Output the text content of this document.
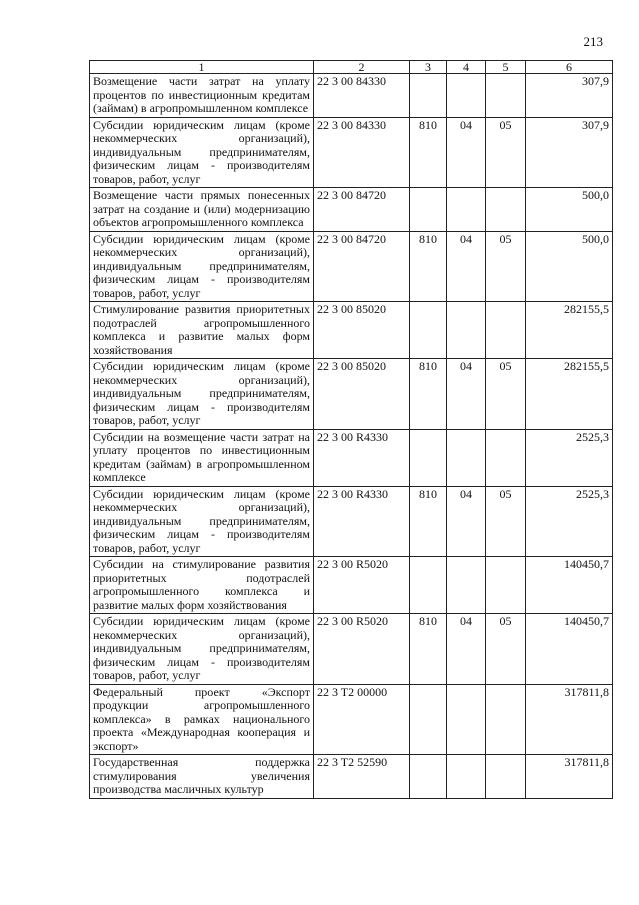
213
1	2	3	4	5	6
Возмещение части затрат на уплату процентов по инвестиционным кредитам (займам) в агропромышленном комплексе	22 3 00 84330				307,9
Субсидии юридическим лицам (кроме некоммерческих организаций), индивидуальным предпринимателям, физическим лицам - производителям товаров, работ, услуг	22 3 00 84330	810	04	05	307,9
Возмещение части прямых понесенных затрат на создание и (или) модернизацию объектов агропромышленного комплекса	22 3 00 84720				500,0
Субсидии юридическим лицам (кроме некоммерческих организаций), индивидуальным предпринимателям, физическим лицам - производителям товаров, работ, услуг	22 3 00 84720	810	04	05	500,0
Стимулирование развития приоритетных подотраслей агропромышленного комплекса и развитие малых форм хозяйствования	22 3 00 85020				282155,5
Субсидии юридическим лицам (кроме некоммерческих организаций), индивидуальным предпринимателям, физическим лицам - производителям товаров, работ, услуг	22 3 00 85020	810	04	05	282155,5
Субсидии на возмещение части затрат на уплату процентов по инвестиционным кредитам (займам) в агропромышленном комплексе	22 3 00 R4330				2525,3
Субсидии юридическим лицам (кроме некоммерческих организаций), индивидуальным предпринимателям, физическим лицам - производителям товаров, работ, услуг	22 3 00 R4330	810	04	05	2525,3
Субсидии на стимулирование развития приоритетных подотраслей агропромышленного комплекса и развитие малых форм хозяйствования	22 3 00 R5020				140450,7
Субсидии юридическим лицам (кроме некоммерческих организаций), индивидуальным предпринимателям, физическим лицам - производителям товаров, работ, услуг	22 3 00 R5020	810	04	05	140450,7
Федеральный проект «Экспорт продукции агропромышленного комплекса» в рамках национального проекта «Международная кооперация и экспорт»	22 3 T2 00000				317811,8
Государственная поддержка стимулирования увеличения производства масличных культур	22 3 T2 52590				317811,8
